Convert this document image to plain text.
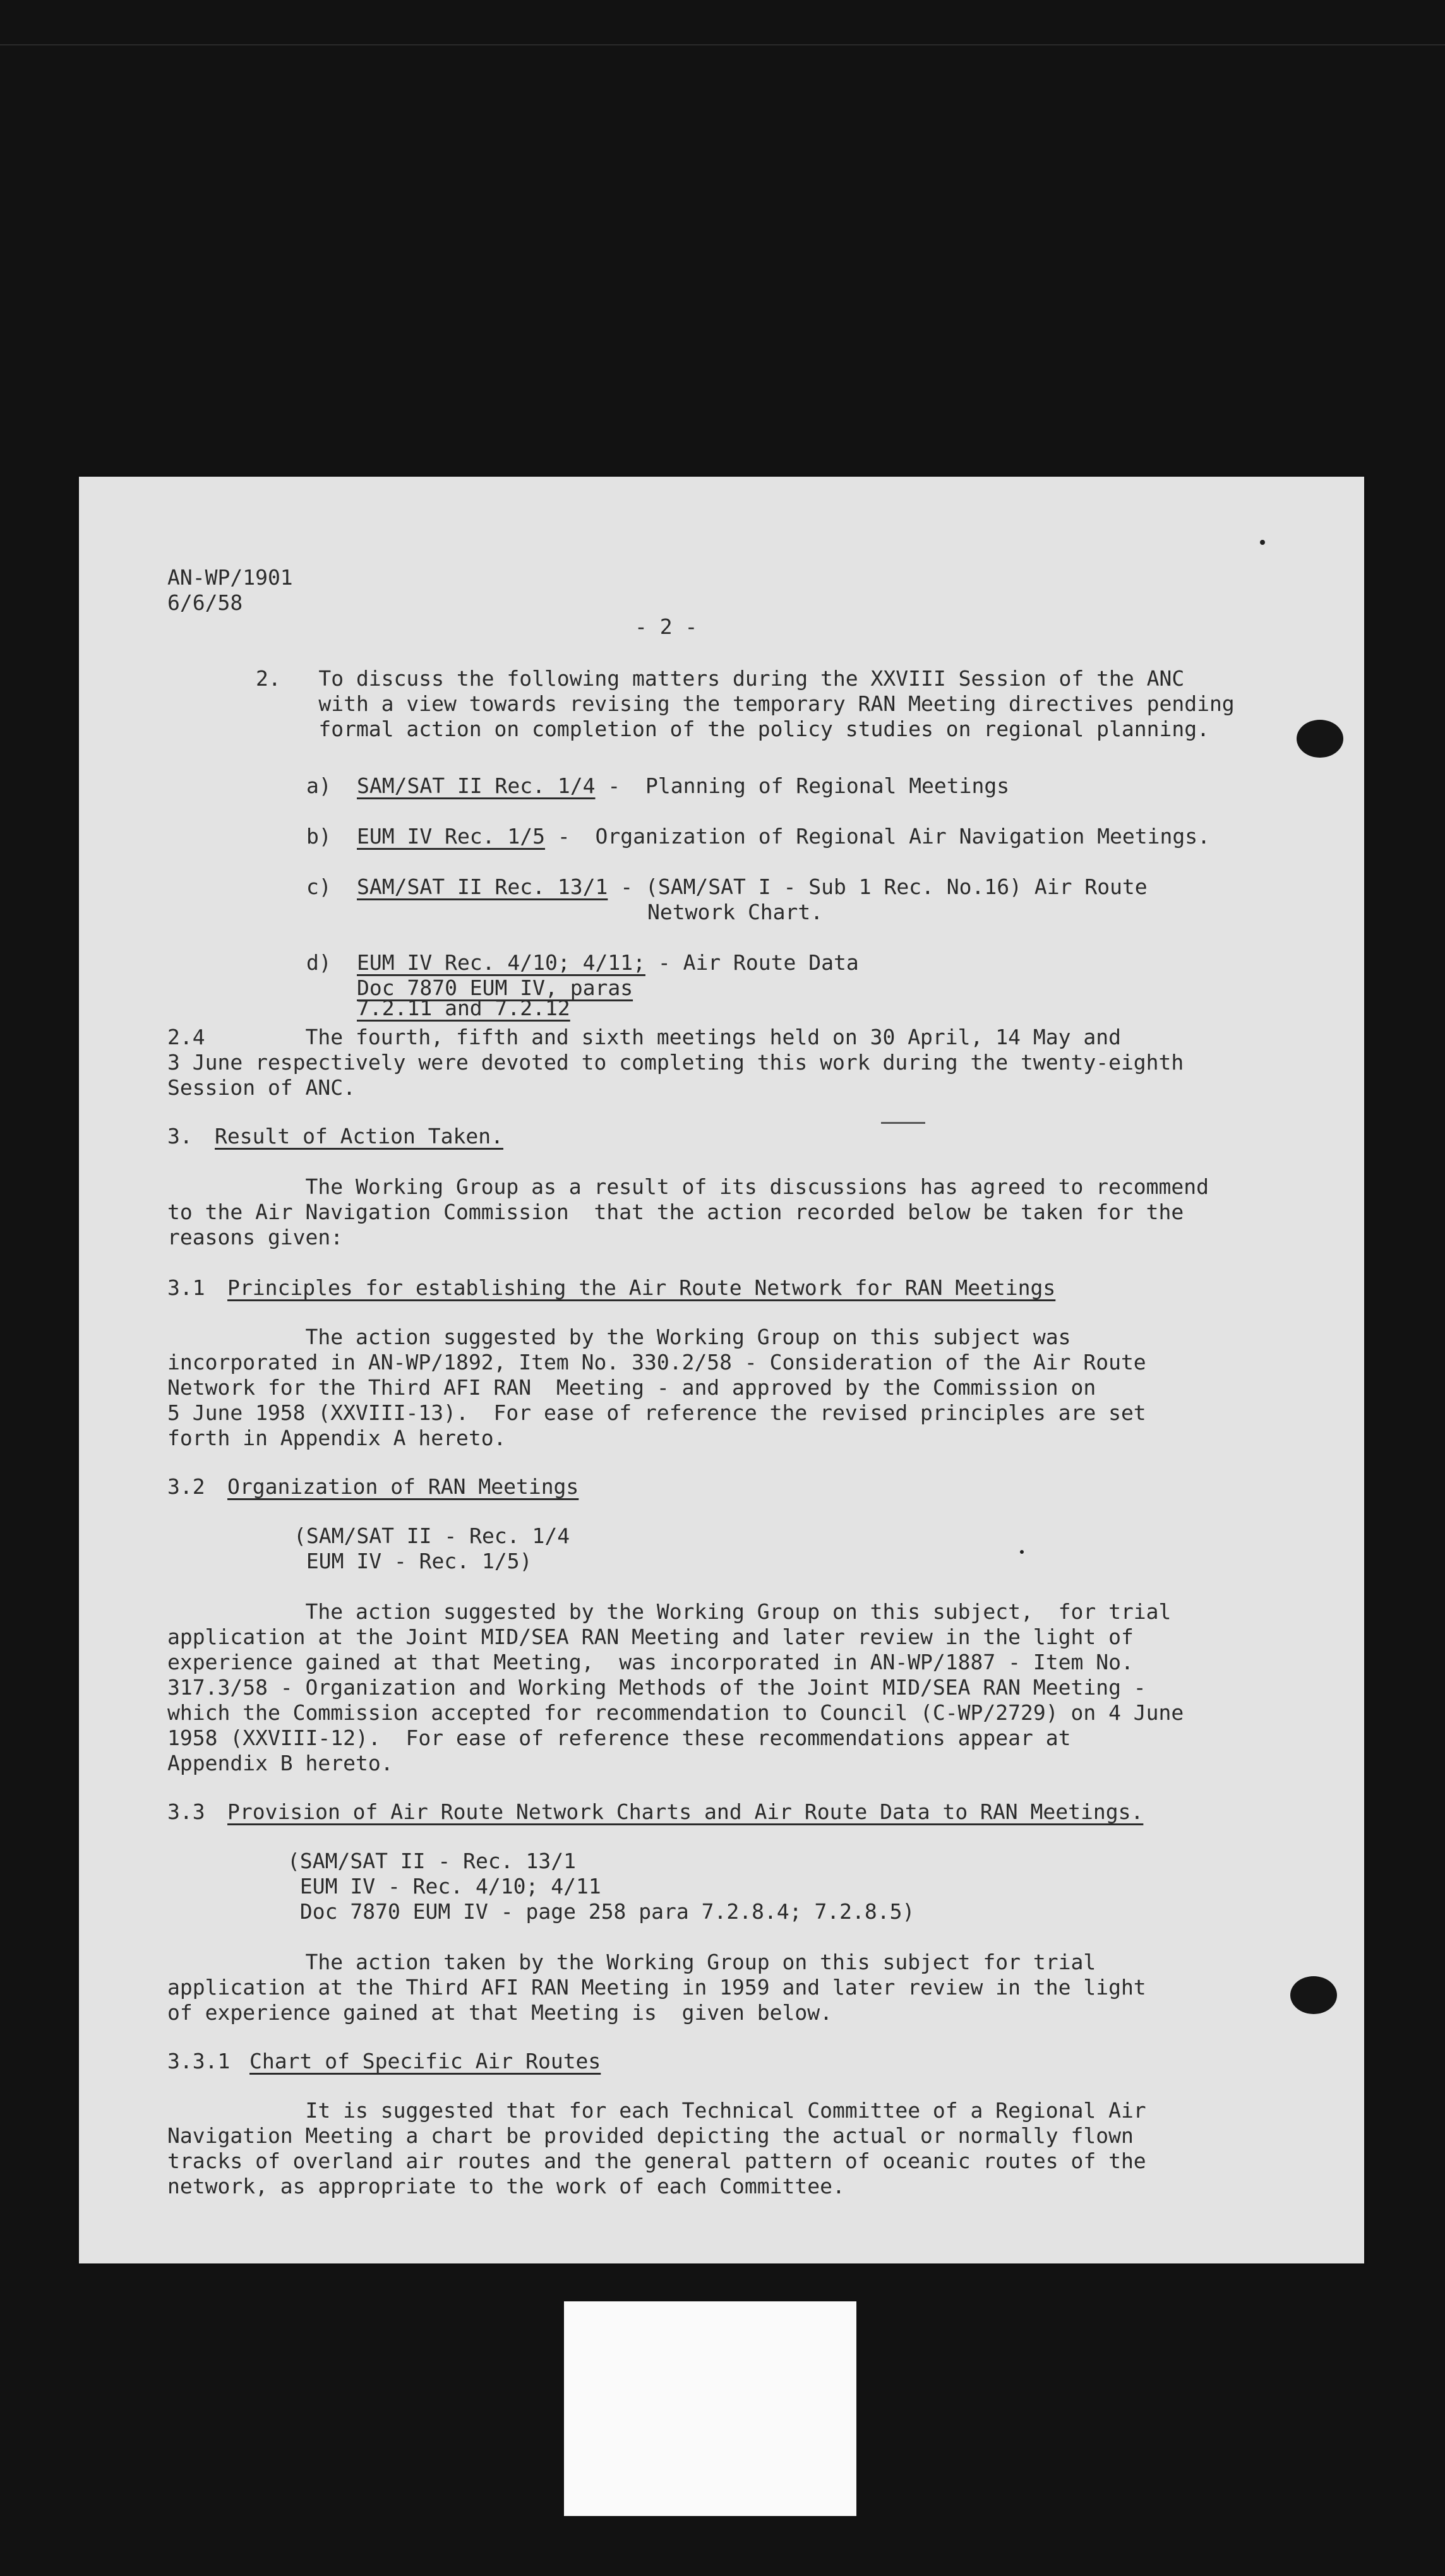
AN-WP/1901
6/6/58
- 2 -
2.   To discuss the following matters during the XXVIII Session of the ANC
with a view towards revising the temporary RAN Meeting directives pending
formal action on completion of the policy studies on regional planning.
a) SAM/SAT II Rec. 1/4 -  Planning of Regional Meetings
b) EUM IV Rec. 1/5 -  Organization of Regional Air Navigation Meetings.
c) SAM/SAT II Rec. 13/1 - (SAM/SAT I - Sub 1 Rec. No.16) Air Route
Network Chart.
d) EUM IV Rec. 4/10; 4/11; - Air Route Data
Doc 7870 EUM IV, paras
7.2.11 and 7.2.12
2.4        The fourth, fifth and sixth meetings held on 30 April, 14 May and
3 June respectively were devoted to completing this work during the twenty-eighth
Session of ANC.
3. Result of Action Taken.
The Working Group as a result of its discussions has agreed to recommend
to the Air Navigation Commission  that the action recorded below be taken for the
reasons given:
3.1 Principles for establishing the Air Route Network for RAN Meetings
The action suggested by the Working Group on this subject was
incorporated in AN-WP/1892, Item No. 330.2/58 - Consideration of the Air Route
Network for the Third AFI RAN  Meeting - and approved by the Commission on
5 June 1958 (XXVIII-13).  For ease of reference the revised principles are set
forth in Appendix A hereto.
3.2 Organization of RAN Meetings
(SAM/SAT II - Rec. 1/4
EUM IV - Rec. 1/5)
The action suggested by the Working Group on this subject,  for trial
application at the Joint MID/SEA RAN Meeting and later review in the light of
experience gained at that Meeting,  was incorporated in AN-WP/1887 - Item No.
317.3/58 - Organization and Working Methods of the Joint MID/SEA RAN Meeting -
which the Commission accepted for recommendation to Council (C-WP/2729) on 4 June
1958 (XXVIII-12).  For ease of reference these recommendations appear at
Appendix B hereto.
3.3 Provision of Air Route Network Charts and Air Route Data to RAN Meetings.
(SAM/SAT II - Rec. 13/1
EUM IV - Rec. 4/10; 4/11
Doc 7870 EUM IV - page 258 para 7.2.8.4; 7.2.8.5)
The action taken by the Working Group on this subject for trial
application at the Third AFI RAN Meeting in 1959 and later review in the light
of experience gained at that Meeting is  given below.
3.3.1 Chart of Specific Air Routes
It is suggested that for each Technical Committee of a Regional Air
Navigation Meeting a chart be provided depicting the actual or normally flown
tracks of overland air routes and the general pattern of oceanic routes of the
network, as appropriate to the work of each Committee.
